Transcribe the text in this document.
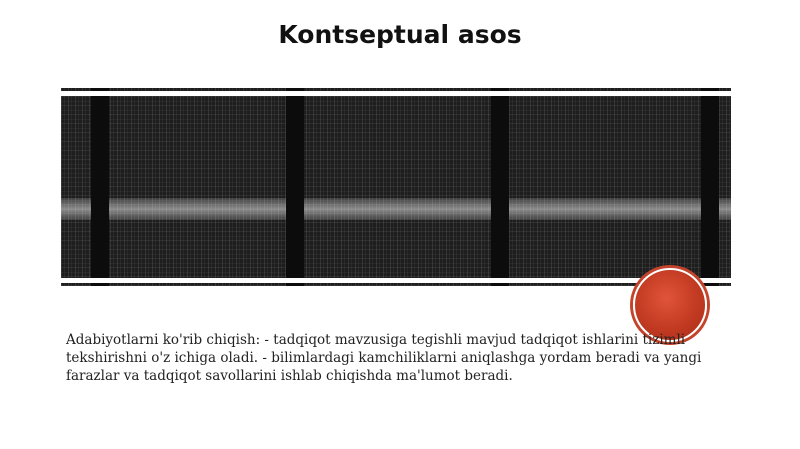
Kontseptual asos

Adabiyotlarni ko'rib chiqish: - tadqiqot mavzusiga tegishli mavjud tadqiqot ishlarini tizimli tekshirishni o'z ichiga oladi. - bilimlardagi kamchiliklarni aniqlashga yordam beradi va yangi farazlar va tadqiqot savollarini ishlab chiqishda ma'lumot beradi.
